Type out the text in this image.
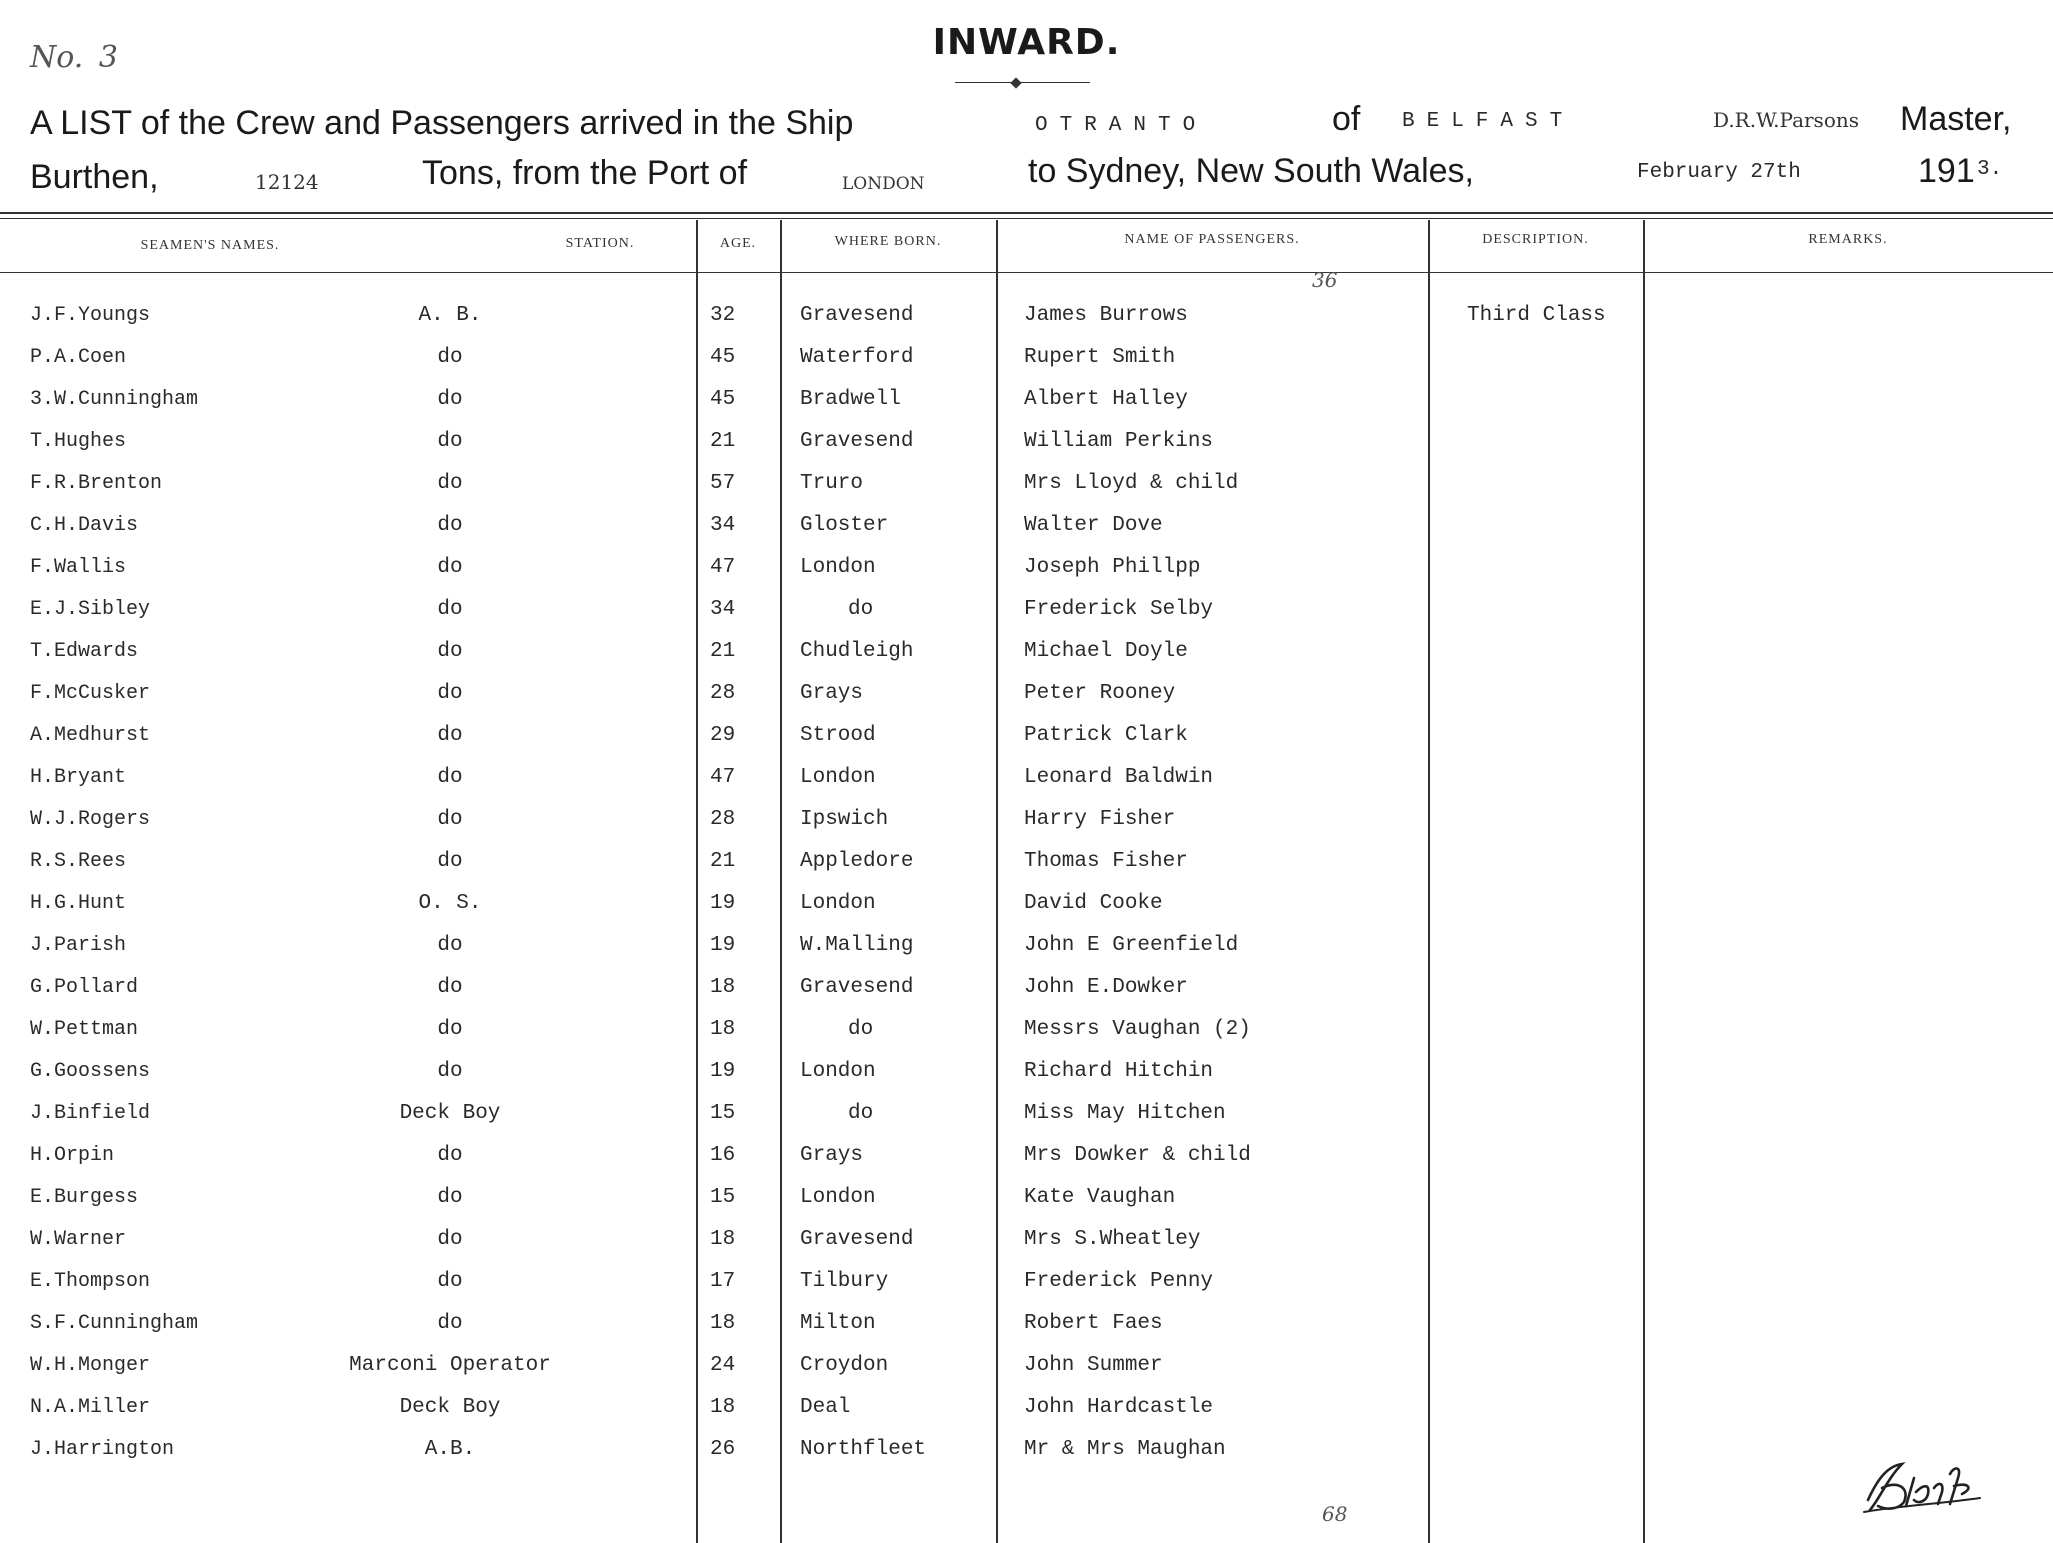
No. 3	INWARD.
A LIST of the Crew and Passengers arrived in the Ship	OTRANTO	of BELFAST	D.R.W.Parsons Master,
Burthen,	12124	Tons, from the Port of	LONDON	to Sydney, New South Wales,	February 27th	191 3.
SEAMEN'S NAMES.	STATION.	AGE.	WHERE BORN.	NAME OF PASSENGERS.	DESCRIPTION.	REMARKS.
36
J.F.Youngs	A. B.	32	Gravesend	James Burrows	Third Class
P.A.Coen	do	45	Waterford	Rupert Smith
3.W.Cunningham	do	45	Bradwell	Albert Halley
T.Hughes	do	21	Gravesend	William Perkins
F.R.Brenton	do	57	Truro	Mrs Lloyd & child
C.H.Davis	do	34	Gloster	Walter Dove
F.Wallis	do	47	London	Joseph Phillpp
E.J.Sibley	do	34	do	Frederick Selby
T.Edwards	do	21	Chudleigh	Michael Doyle
F.McCusker	do	28	Grays	Peter Rooney
A.Medhurst	do	29	Strood	Patrick Clark
H.Bryant	do	47	London	Leonard Baldwin
W.J.Rogers	do	28	Ipswich	Harry Fisher
R.S.Rees	do	21	Appledore	Thomas Fisher
H.G.Hunt	O. S.	19	London	David Cooke
J.Parish	do	19	W.Malling	John E Greenfield
G.Pollard	do	18	Gravesend	John E.Dowker
W.Pettman	do	18	do	Messrs Vaughan (2)
G.Goossens	do	19	London	Richard Hitchin
J.Binfield	Deck Boy	15	do	Miss May Hitchen
H.Orpin	do	16	Grays	Mrs Dowker & child
E.Burgess	do	15	London	Kate Vaughan
W.Warner	do	18	Gravesend	Mrs S.Wheatley
E.Thompson	do	17	Tilbury	Frederick Penny
S.F.Cunningham	do	18	Milton	Robert Faes
W.H.Monger	Marconi Operator	24	Croydon	John Summer
N.A.Miller	Deck Boy	18	Deal	John Hardcastle
J.Harrington	A.B.	26	Northfleet	Mr & Mrs Maughan
68
